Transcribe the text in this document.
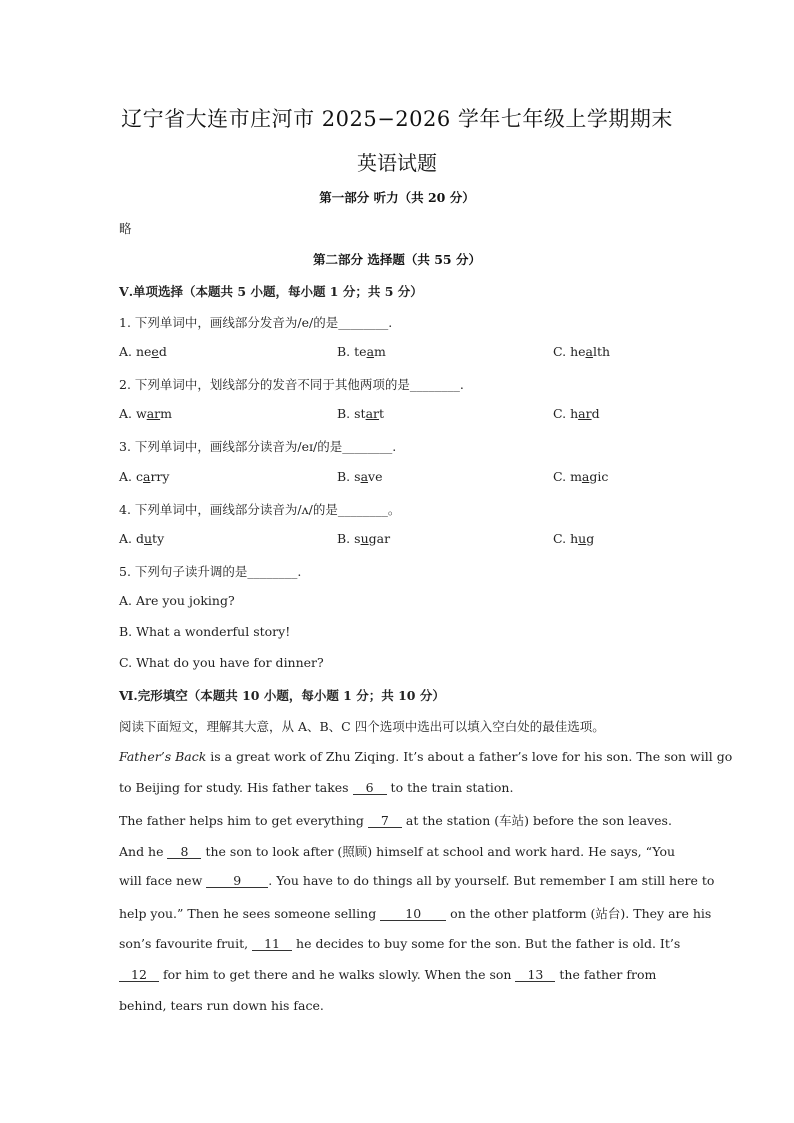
辽宁省大连市庄河市 2025−2026 学年七年级上学期期末
英语试题
第一部分 听力（共 20 分）
略
第二部分 选择题（共 55 分）
Ⅴ.单项选择（本题共 5 小题，每小题 1 分；共 5 分）
1. 下列单词中，画线部分发音为/e/的是________.
A. need	B. team	C. health
2. 下列单词中，划线部分的发音不同于其他两项的是________.
A. warm	B. start	C. hard
3. 下列单词中，画线部分读音为/eɪ/的是________.
A. carry	B. save	C. magic
4. 下列单词中，画线部分读音为/ʌ/的是________。
A. duty	B. sugar	C. hug
5. 下列句子读升调的是________.
A. Are you joking?
B. What a wonderful story!
C. What do you have for dinner?
Ⅵ.完形填空（本题共 10 小题，每小题 1 分；共 10 分）
阅读下面短文，理解其大意，从 A、B、C 四个选项中选出可以填入空白处的最佳选项。
Father’s Back is a great work of Zhu Ziqing. It’s about a father’s love for his son. The son will go
to Beijing for study. His father takes 6 to the train station.
The father helps him to get everything 7 at the station (车站) before the son leaves.
And he 8 the son to look after (照顾) himself at school and work hard. He says, “You
will face new 9 . You have to do things all by yourself. But remember I am still here to
help you.” Then he sees someone selling 10 on the other platform (站台). They are his
son’s favourite fruit, 11 he decides to buy some for the son. But the father is old. It’s
12 for him to get there and he walks slowly. When the son 13 the father from
behind, tears run down his face.
